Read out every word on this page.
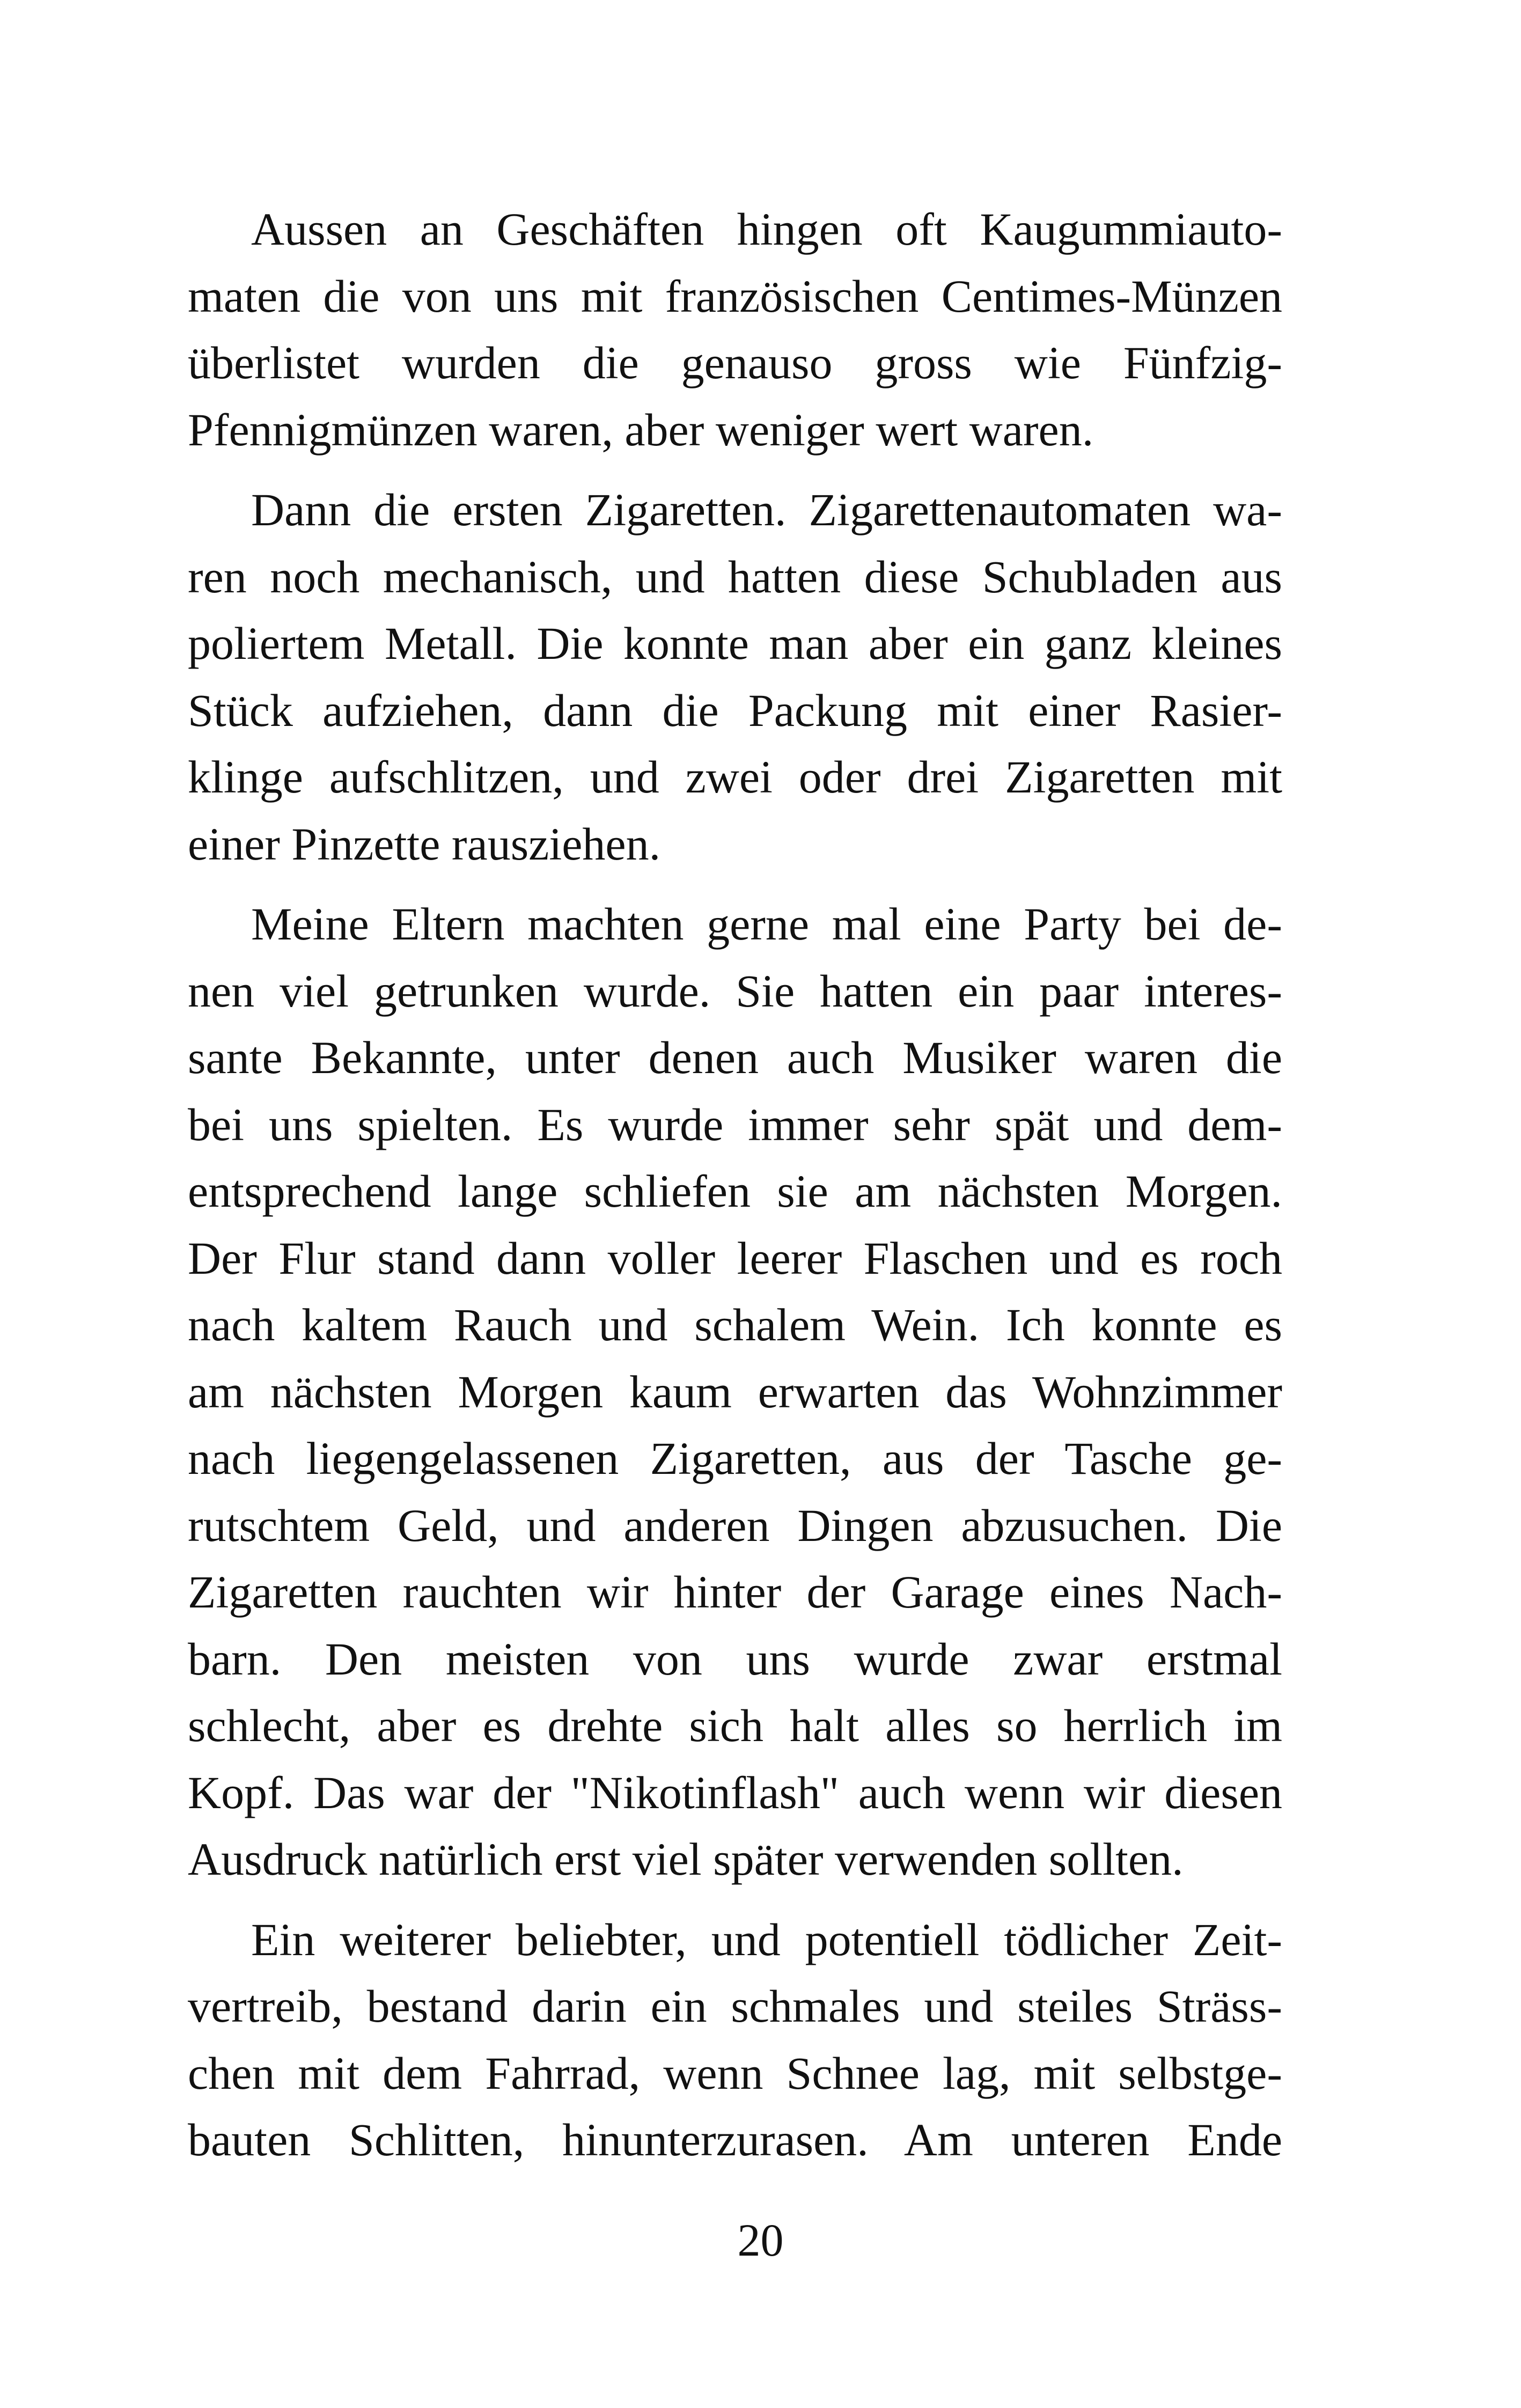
Aussen an Geschäften hingen oft Kaugummiauto-
maten die von uns mit französischen Centimes-Münzen
überlistet wurden die genauso gross wie Fünfzig-
Pfennigmünzen waren, aber weniger wert waren.
Dann die ersten Zigaretten. Zigarettenautomaten wa-
ren noch mechanisch, und hatten diese Schubladen aus
poliertem Metall. Die konnte man aber ein ganz kleines
Stück aufziehen, dann die Packung mit einer Rasier-
klinge aufschlitzen, und zwei oder drei Zigaretten mit
einer Pinzette rausziehen.
Meine Eltern machten gerne mal eine Party bei de-
nen viel getrunken wurde. Sie hatten ein paar interes-
sante Bekannte, unter denen auch Musiker waren die
bei uns spielten. Es wurde immer sehr spät und dem-
entsprechend lange schliefen sie am nächsten Morgen.
Der Flur stand dann voller leerer Flaschen und es roch
nach kaltem Rauch und schalem Wein. Ich konnte es
am nächsten Morgen kaum erwarten das Wohnzimmer
nach liegengelassenen Zigaretten, aus der Tasche ge-
rutschtem Geld, und anderen Dingen abzusuchen. Die
Zigaretten rauchten wir hinter der Garage eines Nach-
barn. Den meisten von uns wurde zwar erstmal
schlecht, aber es drehte sich halt alles so herrlich im
Kopf. Das war der "Nikotinflash" auch wenn wir diesen
Ausdruck natürlich erst viel später verwenden sollten.
Ein weiterer beliebter, und potentiell tödlicher Zeit-
vertreib, bestand darin ein schmales und steiles Sträss-
chen mit dem Fahrrad, wenn Schnee lag, mit selbstge-
bauten Schlitten, hinunterzurasen. Am unteren Ende
20
